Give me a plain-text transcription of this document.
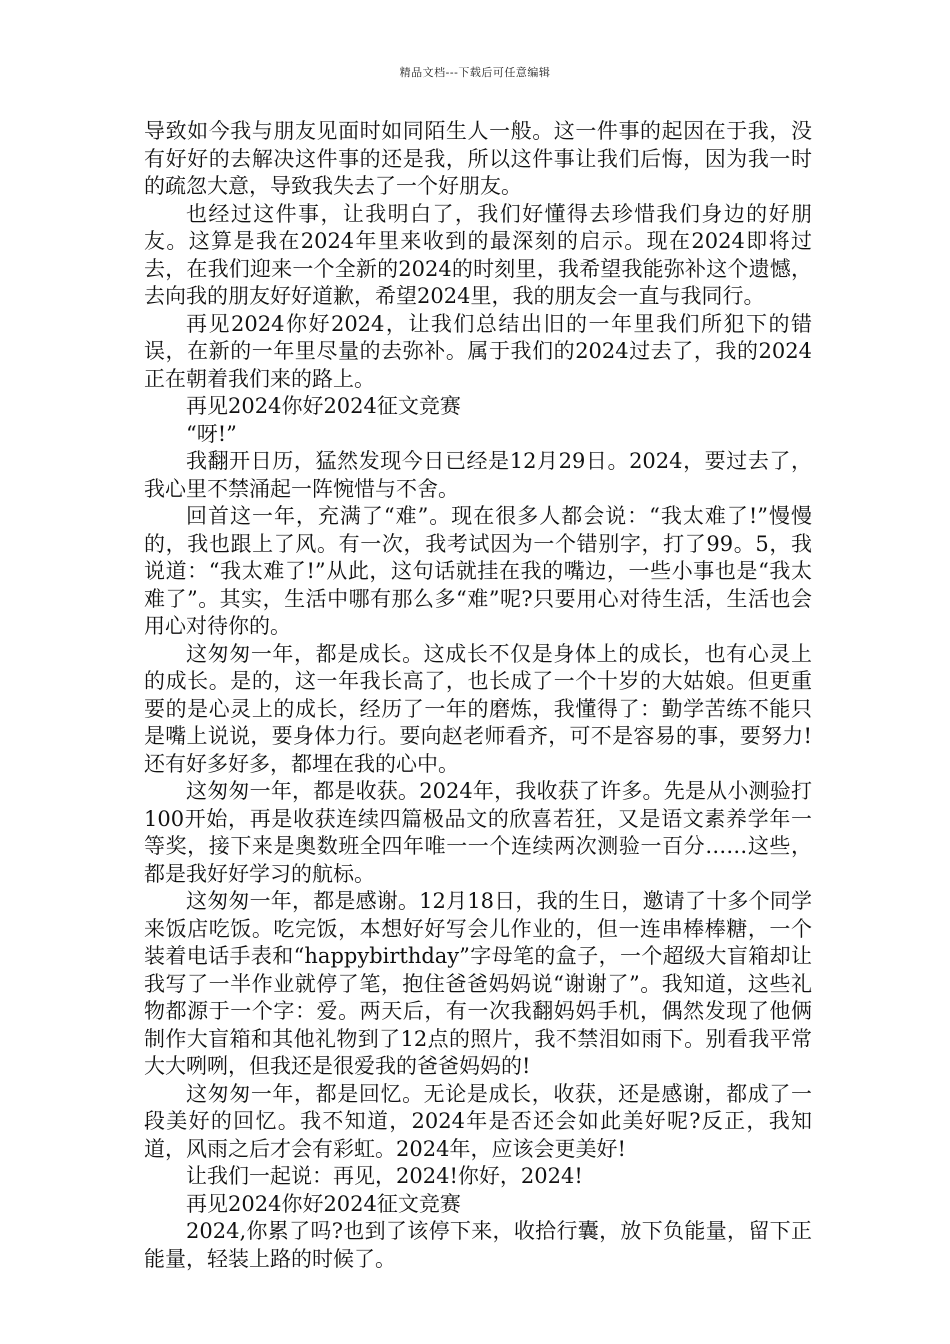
精品文档---下载后可任意编辑

导致如今我与朋友见面时如同陌生人一般。这一件事的起因在于我，没有好好的去解决这件事的还是我，所以这件事让我们后悔，因为我一时的疏忽大意，导致我失去了一个好朋友。

也经过这件事，让我明白了，我们好懂得去珍惜我们身边的好朋友。这算是我在2024年里来收到的最深刻的启示。现在2024即将过去，在我们迎来一个全新的2024的时刻里，我希望我能弥补这个遗憾，去向我的朋友好好道歉，希望2024里，我的朋友会一直与我同行。

再见2024你好2024，让我们总结出旧的一年里我们所犯下的错误，在新的一年里尽量的去弥补。属于我们的2024过去了，我的2024正在朝着我们来的路上。

再见2024你好2024征文竞赛

“呀!”

我翻开日历，猛然发现今日已经是12月29日。2024，要过去了，我心里不禁涌起一阵惋惜与不舍。

回首这一年，充满了“难”。现在很多人都会说：“我太难了!”慢慢的，我也跟上了风。有一次，我考试因为一个错别字，打了99。5，我说道：“我太难了!”从此，这句话就挂在我的嘴边，一些小事也是“我太难了”。其实，生活中哪有那么多“难”呢?只要用心对待生活，生活也会用心对待你的。

这匆匆一年，都是成长。这成长不仅是身体上的成长，也有心灵上的成长。是的，这一年我长高了，也长成了一个十岁的大姑娘。但更重要的是心灵上的成长，经历了一年的磨炼，我懂得了：勤学苦练不能只是嘴上说说，要身体力行。要向赵老师看齐，可不是容易的事，要努力!还有好多好多，都埋在我的心中。

这匆匆一年，都是收获。2024年，我收获了许多。先是从小测验打100开始，再是收获连续四篇极品文的欣喜若狂，又是语文素养学年一等奖，接下来是奥数班全四年唯一一个连续两次测验一百分……这些，都是我好好学习的航标。

这匆匆一年，都是感谢。12月18日，我的生日，邀请了十多个同学来饭店吃饭。吃完饭，本想好好写会儿作业的，但一连串棒棒糖，一个装着电话手表和“happybirthday”字母笔的盒子，一个超级大盲箱却让我写了一半作业就停了笔，抱住爸爸妈妈说“谢谢了”。我知道，这些礼物都源于一个字：爱。两天后，有一次我翻妈妈手机，偶然发现了他俩制作大盲箱和其他礼物到了12点的照片，我不禁泪如雨下。别看我平常大大咧咧，但我还是很爱我的爸爸妈妈的!

这匆匆一年，都是回忆。无论是成长，收获，还是感谢，都成了一段美好的回忆。我不知道，2024年是否还会如此美好呢?反正，我知道，风雨之后才会有彩虹。2024年，应该会更美好!

让我们一起说：再见，2024!你好，2024!

再见2024你好2024征文竞赛

2024,你累了吗?也到了该停下来，收拾行囊，放下负能量，留下正能量，轻装上路的时候了。
